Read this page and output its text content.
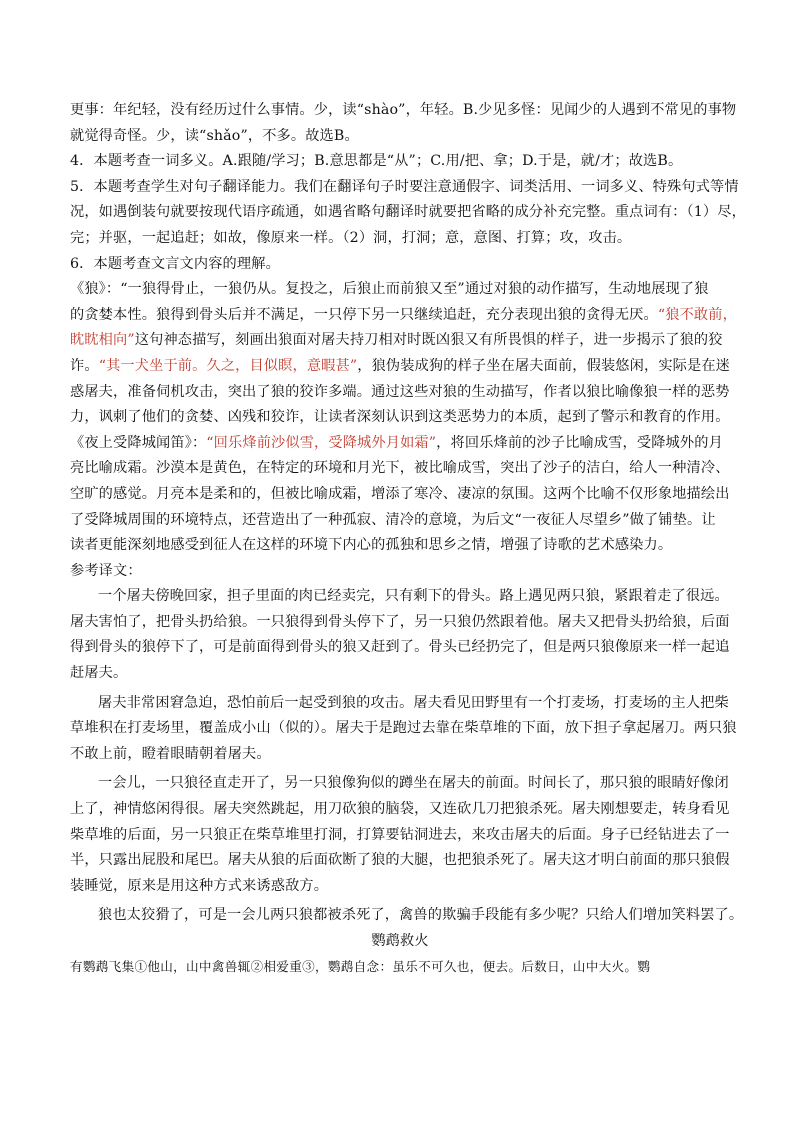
更事：年纪轻，没有经历过什么事情。少，读“shào”，年轻。B.少见多怪：见闻少的人遇到不常见的事物
就觉得奇怪。少，读“shǎo”，不多。故选B。
4．本题考查一词多义。A.跟随/学习；B.意思都是“从”；C.用/把、拿；D.于是，就/才；故选B。
5．本题考查学生对句子翻译能力。我们在翻译句子时要注意通假字、词类活用、一词多义、特殊句式等情
况，如遇倒装句就要按现代语序疏通，如遇省略句翻译时就要把省略的成分补充完整。重点词有：（1）尽，
完；并驱，一起追赶；如故，像原来一样。（2）洞，打洞；意，意图、打算；攻，攻击。
6．本题考查文言文内容的理解。
《狼》：“一狼得骨止，一狼仍从。复投之，后狼止而前狼又至”通过对狼的动作描写，生动地展现了狼
的贪婪本性。狼得到骨头后并不满足，一只停下另一只继续追赶，充分表现出狼的贪得无厌。“狼不敢前，
眈眈相向”这句神态描写，刻画出狼面对屠夫持刀相对时既凶狠又有所畏惧的样子，进一步揭示了狼的狡
诈。“其一犬坐于前。久之，目似瞑，意暇甚”，狼伪装成狗的样子坐在屠夫面前，假装悠闲，实际是在迷
惑屠夫，准备伺机攻击，突出了狼的狡诈多端。通过这些对狼的生动描写，作者以狼比喻像狼一样的恶势
力，讽刺了他们的贪婪、凶残和狡诈，让读者深刻认识到这类恶势力的本质，起到了警示和教育的作用。
《夜上受降城闻笛》：“回乐烽前沙似雪，受降城外月如霜”，将回乐烽前的沙子比喻成雪，受降城外的月
亮比喻成霜。沙漠本是黄色，在特定的环境和月光下，被比喻成雪，突出了沙子的洁白，给人一种清冷、
空旷的感觉。月亮本是柔和的，但被比喻成霜，增添了寒冷、凄凉的氛围。这两个比喻不仅形象地描绘出
了受降城周围的环境特点，还营造出了一种孤寂、清冷的意境，为后文“一夜征人尽望乡”做了铺垫。让
读者更能深刻地感受到征人在这样的环境下内心的孤独和思乡之情，增强了诗歌的艺术感染力。
参考译文：
一个屠夫傍晚回家，担子里面的肉已经卖完，只有剩下的骨头。路上遇见两只狼，紧跟着走了很远。
屠夫害怕了，把骨头扔给狼。一只狼得到骨头停下了，另一只狼仍然跟着他。屠夫又把骨头扔给狼，后面
得到骨头的狼停下了，可是前面得到骨头的狼又赶到了。骨头已经扔完了，但是两只狼像原来一样一起追
赶屠夫。
屠夫非常困窘急迫，恐怕前后一起受到狼的攻击。屠夫看见田野里有一个打麦场，打麦场的主人把柴
草堆积在打麦场里，覆盖成小山（似的）。屠夫于是跑过去靠在柴草堆的下面，放下担子拿起屠刀。两只狼
不敢上前，瞪着眼睛朝着屠夫。
一会儿，一只狼径直走开了，另一只狼像狗似的蹲坐在屠夫的前面。时间长了，那只狼的眼睛好像闭
上了，神情悠闲得很。屠夫突然跳起，用刀砍狼的脑袋，又连砍几刀把狼杀死。屠夫刚想要走，转身看见
柴草堆的后面，另一只狼正在柴草堆里打洞，打算要钻洞进去，来攻击屠夫的后面。身子已经钻进去了一
半，只露出屁股和尾巴。屠夫从狼的后面砍断了狼的大腿，也把狼杀死了。屠夫这才明白前面的那只狼假
装睡觉，原来是用这种方式来诱惑敌方。
狼也太狡猾了，可是一会儿两只狼都被杀死了，禽兽的欺骗手段能有多少呢？只给人们增加笑料罢了。
鹦鹉救火
有鹦鹉飞集①他山，山中禽兽辄②相爱重③，鹦鹉自念：虽乐不可久也，便去。后数日，山中大火。鹦
